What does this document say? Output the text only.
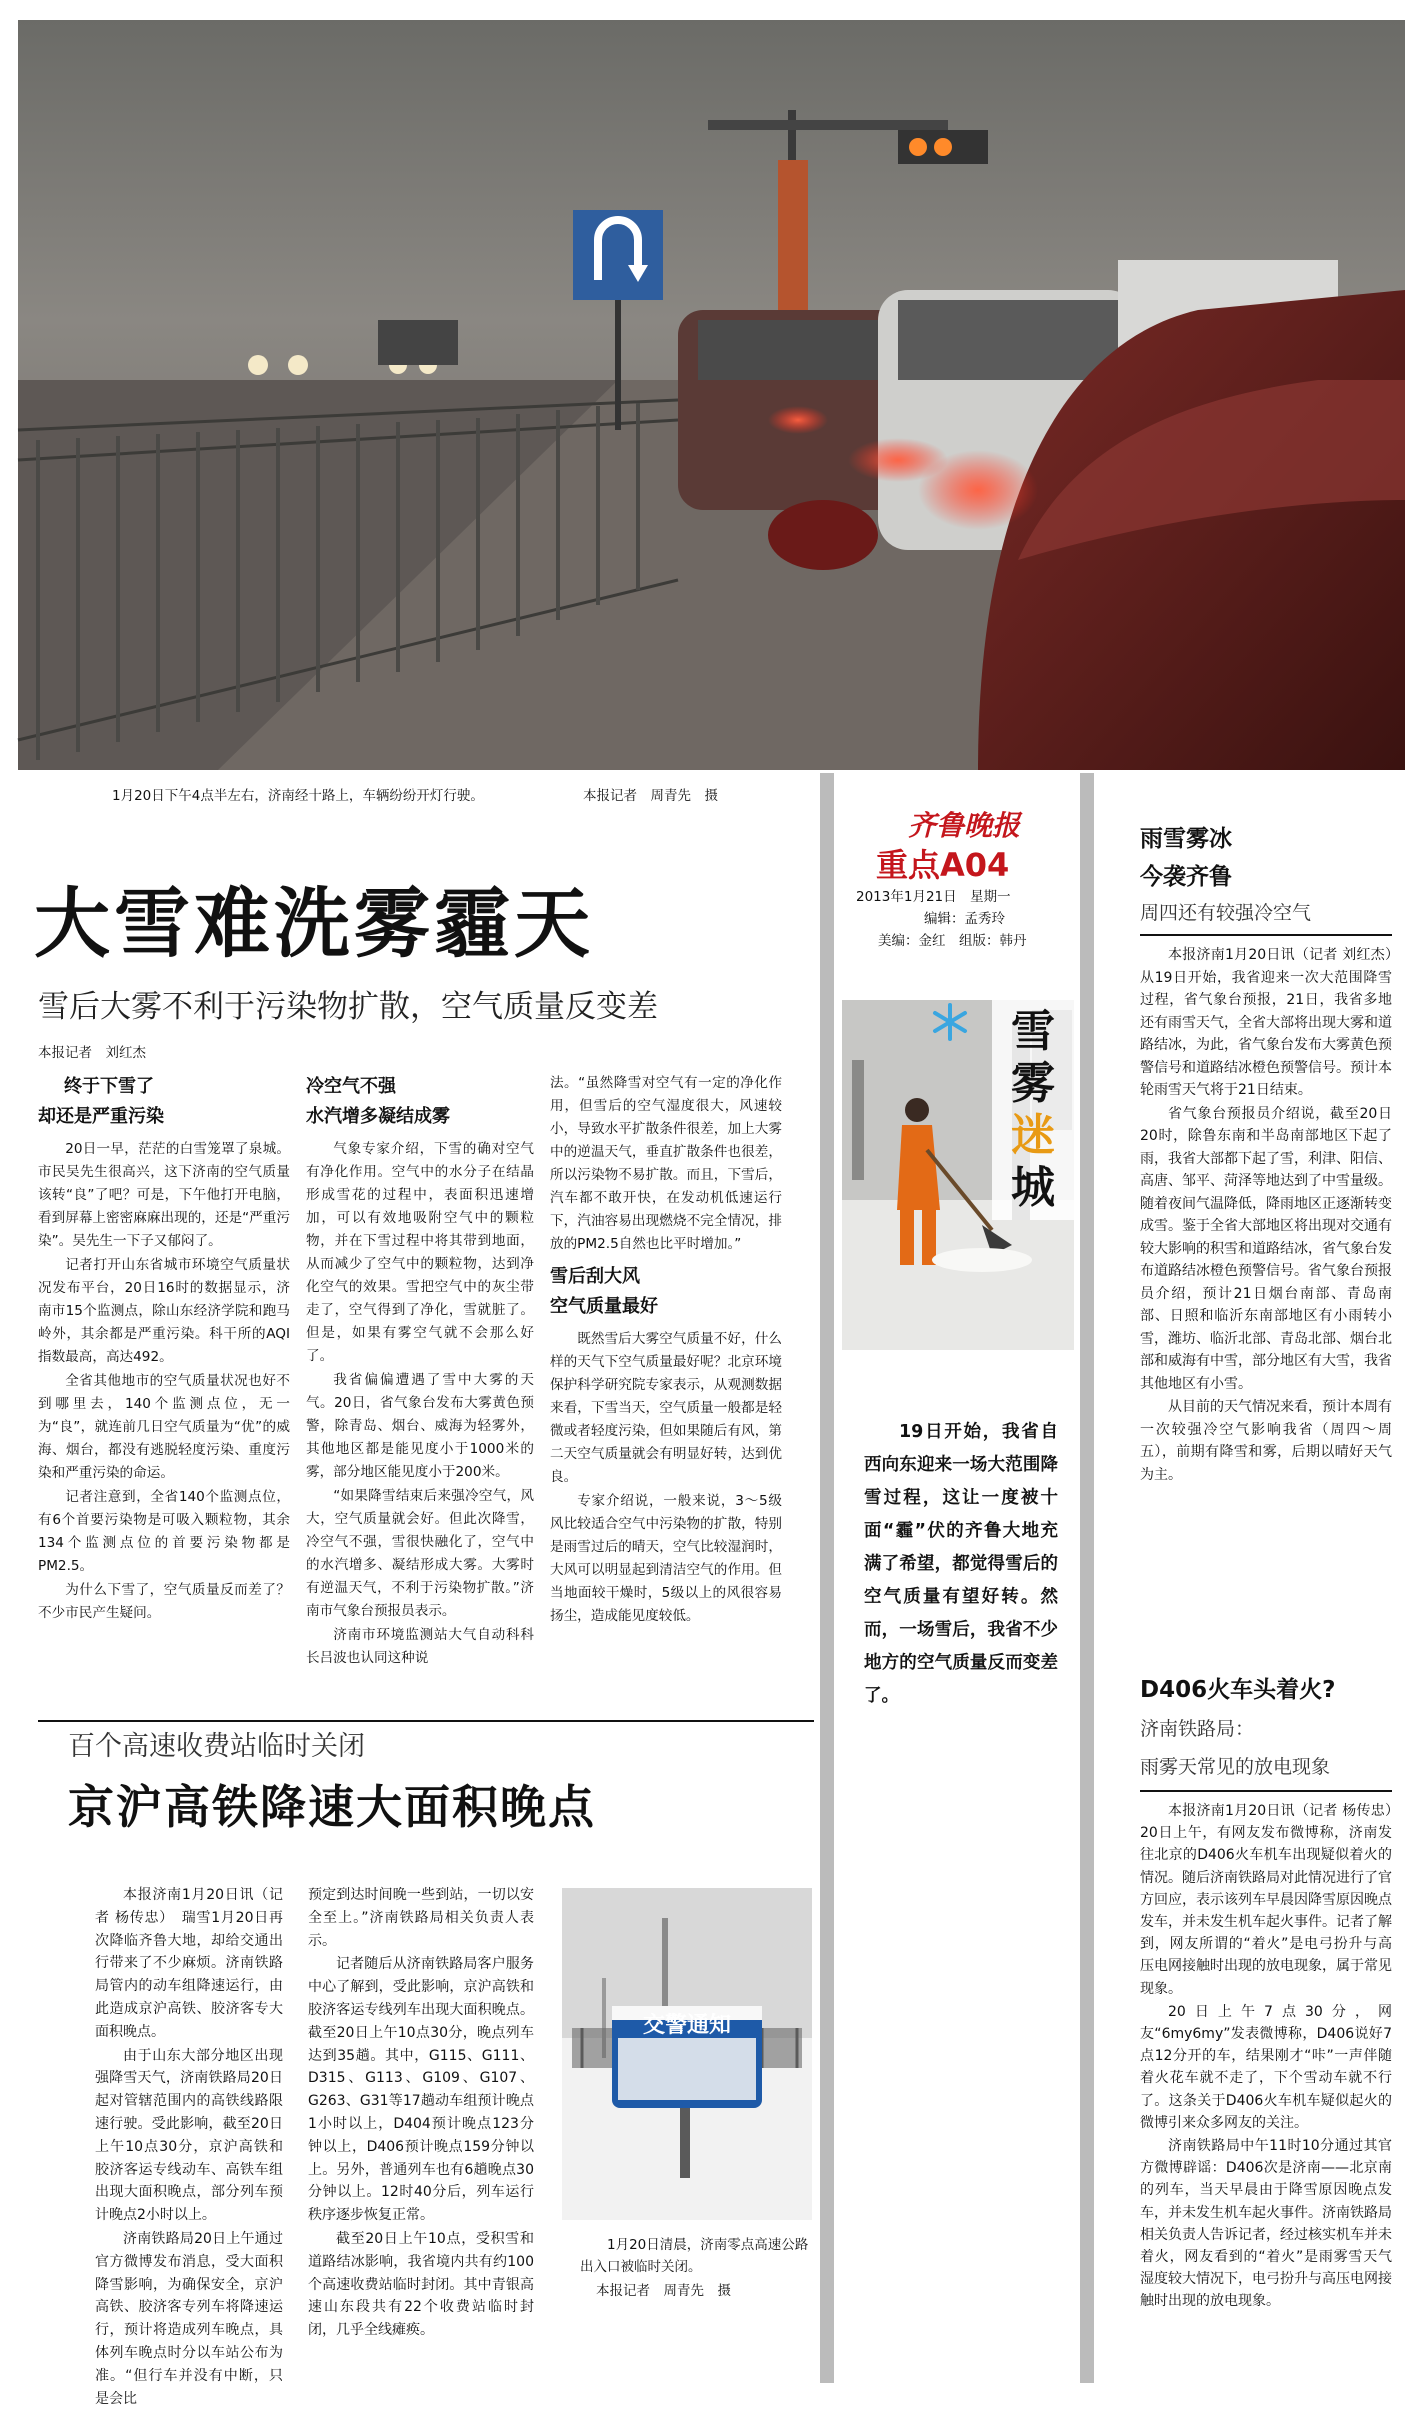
1月20日下午4点半左右，济南经十路上，车辆纷纷开灯行驶。	本报记者　周青先　摄
大雪难洗雾霾天
雪后大雾不利于污染物扩散，空气质量反变差
本报记者　刘红杰
终于下雪了
却还是严重污染

20日一早，茫茫的白雪笼罩了泉城。市民吴先生很高兴，这下济南的空气质量该转“良”了吧？可是，下午他打开电脑，看到屏幕上密密麻麻出现的，还是“严重污染”。吴先生一下子又郁闷了。

记者打开山东省城市环境空气质量状况发布平台，20日16时的数据显示，济南市15个监测点，除山东经济学院和跑马岭外，其余都是严重污染。科干所的AQI指数最高，高达492。

全省其他地市的空气质量状况也好不到哪里去，140个监测点位，无一为“良”，就连前几日空气质量为“优”的威海、烟台，都没有逃脱轻度污染、重度污染和严重污染的命运。

记者注意到，全省140个监测点位，有6个首要污染物是可吸入颗粒物，其余134个监测点位的首要污染物都是PM2.5。

为什么下雪了，空气质量反而差了？不少市民产生疑问。

冷空气不强
水汽增多凝结成雾

气象专家介绍，下雪的确对空气有净化作用。空气中的水分子在结晶形成雪花的过程中，表面积迅速增加，可以有效地吸附空气中的颗粒物，并在下雪过程中将其带到地面，从而减少了空气中的颗粒物，达到净化空气的效果。雪把空气中的灰尘带走了，空气得到了净化，雪就脏了。但是，如果有雾空气就不会那么好了。

我省偏偏遭遇了雪中大雾的天气。20日，省气象台发布大雾黄色预警，除青岛、烟台、威海为轻雾外，其他地区都是能见度小于1000米的雾，部分地区能见度小于200米。

“如果降雪结束后来强冷空气，风大，空气质量就会好。但此次降雪，冷空气不强，雪很快融化了，空气中的水汽增多、凝结形成大雾。大雾时有逆温天气，不利于污染物扩散。”济南市气象台预报员表示。

济南市环境监测站大气自动科科长吕波也认同这种说

法。“虽然降雪对空气有一定的净化作用，但雪后的空气湿度很大，风速较小，导致水平扩散条件很差，加上大雾中的逆温天气，垂直扩散条件也很差，所以污染物不易扩散。而且，下雪后，汽车都不敢开快，在发动机低速运行下，汽油容易出现燃烧不完全情况，排放的PM2.5自然也比平时增加。”

雪后刮大风
空气质量最好

既然雪后大雾空气质量不好，什么样的天气下空气质量最好呢？北京环境保护科学研究院专家表示，从观测数据来看，下雪当天，空气质量一般都是轻微或者轻度污染，但如果随后有风，第二天空气质量就会有明显好转，达到优良。

专家介绍说，一般来说，3～5级风比较适合空气中污染物的扩散，特别是雨雪过后的晴天，空气比较湿润时，大风可以明显起到清洁空气的作用。但当地面较干燥时，5级以上的风很容易扬尘，造成能见度较低。

齐鲁晚报
重点A04
2013年1月21日　星期一
编辑：孟秀玲
美编：金红　组版：韩丹
雪
雾
迷
城
19日开始，我省自西向东迎来一场大范围降雪过程，这让一度被十面“霾”伏的齐鲁大地充满了希望，都觉得雪后的空气质量有望好转。然而，一场雪后，我省不少地方的空气质量反而变差了。
雨雪雾冰
今袭齐鲁
周四还有较强冷空气

本报济南1月20日讯（记者 刘红杰）　从19日开始，我省迎来一次大范围降雪过程，省气象台预报，21日，我省多地还有雨雪天气，全省大部将出现大雾和道路结冰，为此，省气象台发布大雾黄色预警信号和道路结冰橙色预警信号。预计本轮雨雪天气将于21日结束。

省气象台预报员介绍说，截至20日20时，除鲁东南和半岛南部地区下起了雨，我省大部都下起了雪，利津、阳信、高唐、邹平、菏泽等地达到了中雪量级。随着夜间气温降低，降雨地区正逐渐转变成雪。鉴于全省大部地区将出现对交通有较大影响的积雪和道路结冰，省气象台发布道路结冰橙色预警信号。省气象台预报员介绍，预计21日烟台南部、青岛南部、日照和临沂东南部地区有小雨转小雪，潍坊、临沂北部、青岛北部、烟台北部和威海有中雪，部分地区有大雪，我省其他地区有小雪。

从目前的天气情况来看，预计本周有一次较强冷空气影响我省（周四～周五），前期有降雪和雾，后期以晴好天气为主。

D406火车头着火?
济南铁路局：
雨雾天常见的放电现象

本报济南1月20日讯（记者 杨传忠）　20日上午，有网友发布微博称，济南发往北京的D406火车机车出现疑似着火的情况。随后济南铁路局对此情况进行了官方回应，表示该列车早晨因降雪原因晚点发车，并未发生机车起火事件。记者了解到，网友所谓的“着火”是电弓扮升与高压电网接触时出现的放电现象，属于常见现象。

20日上午7点30分，网友“6my6my”发表微博称，D406说好7点12分开的车，结果刚才“咔”一声伴随着火花车就不走了，下个雪动车就不行了。这条关于D406火车机车疑似起火的微博引来众多网友的关注。

济南铁路局中午11时10分通过其官方微博辟谣：D406次是济南——北京南的列车，当天早晨由于降雪原因晚点发车，并未发生机车起火事件。济南铁路局相关负责人告诉记者，经过核实机车并未着火，网友看到的“着火”是雨雾雪天气湿度较大情况下，电弓扮升与高压电网接触时出现的放电现象。

百个高速收费站临时关闭
京沪高铁降速大面积晚点

本报济南1月20日讯（记者 杨传忠）　瑞雪1月20日再次降临齐鲁大地，却给交通出行带来了不少麻烦。济南铁路局管内的动车组降速运行，由此造成京沪高铁、胶济客专大面积晚点。

由于山东大部分地区出现强降雪天气，济南铁路局20日起对管辖范围内的高铁线路限速行驶。受此影响，截至20日上午10点30分，京沪高铁和胶济客运专线动车、高铁车组出现大面积晚点，部分列车预计晚点2小时以上。

济南铁路局20日上午通过官方微博发布消息，受大面积降雪影响，为确保安全，京沪高铁、胶济客专列车将降速运行，预计将造成列车晚点，具体列车晚点时分以车站公布为准。“但行车并没有中断，只是会比

预定到达时间晚一些到站，一切以安全至上。”济南铁路局相关负责人表示。

记者随后从济南铁路局客户服务中心了解到，受此影响，京沪高铁和胶济客运专线列车出现大面积晚点。截至20日上午10点30分，晚点列车达到35趟。其中，G115、G111、D315、G113、G109、G107、G263、G31等17趟动车组预计晚点1小时以上，D404预计晚点123分钟以上，D406预计晚点159分钟以上。另外，普通列车也有6趟晚点30分钟以上。12时40分后，列车运行秩序逐步恢复正常。

截至20日上午10点，受积雪和道路结冰影响，我省境内共有约100个高速收费站临时封闭。其中青银高速山东段共有22个收费站临时封闭，几乎全线瘫痪。

交警通知
1月20日清晨，济南零点高速公路出入口被临时关闭。
本报记者　周青先　摄
